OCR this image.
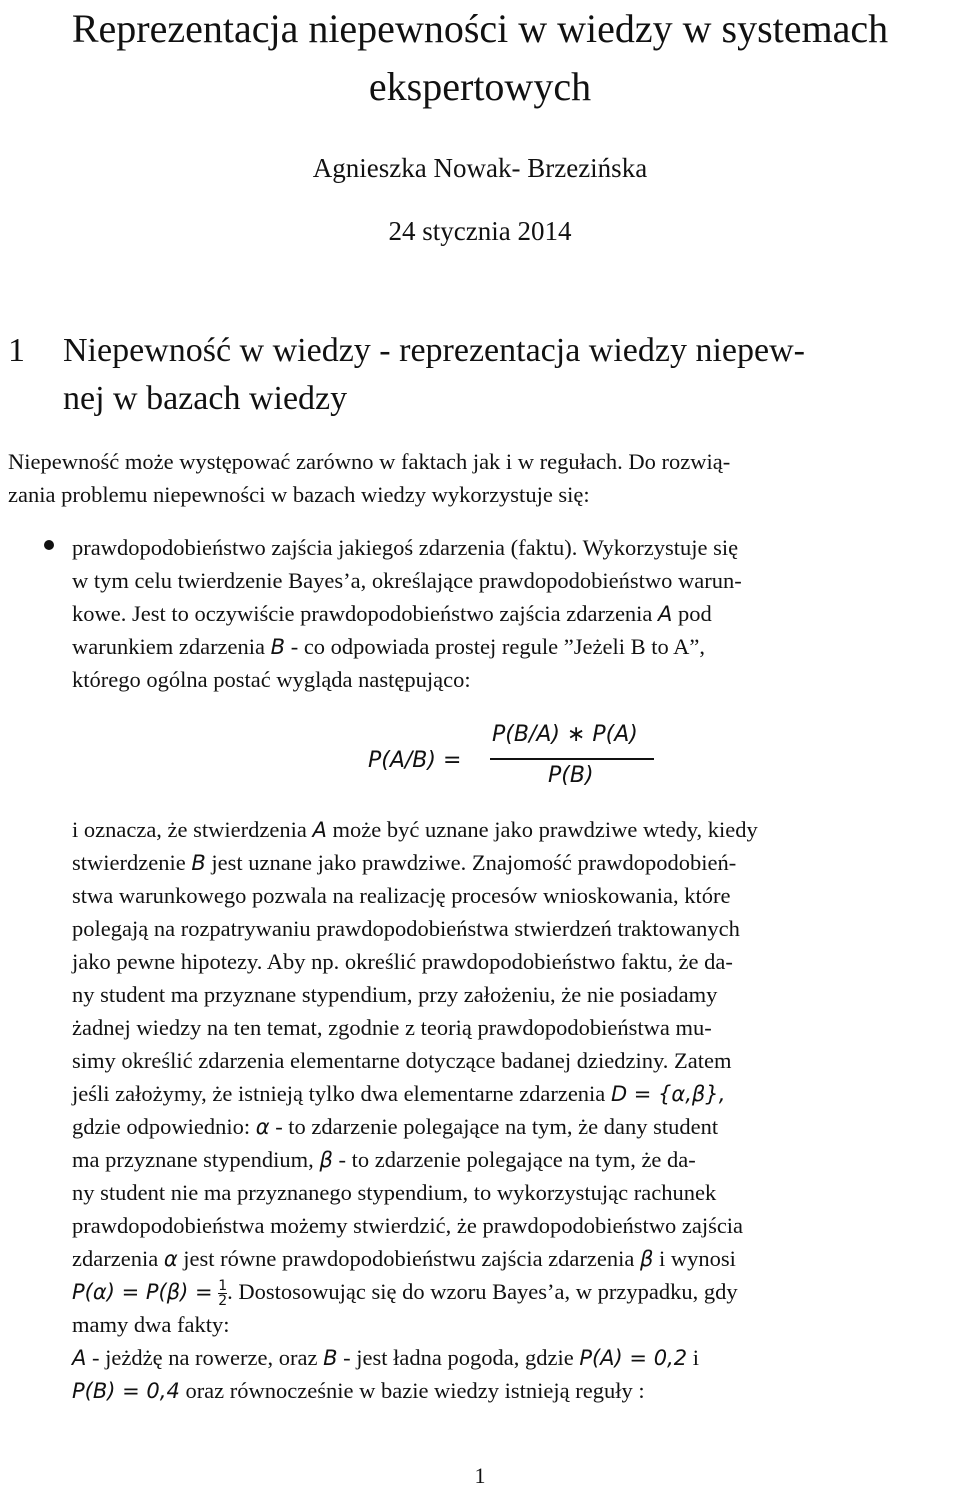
Reprezentacja niepewności w wiedzy w systemach
ekspertowych
Agnieszka Nowak- Brzezińska
24 stycznia 2014
1 Niepewność w wiedzy - reprezentacja wiedzy niepew-
nej w bazach wiedzy
Niepewność może występować zarówno w faktach jak i w regułach. Do rozwią-
zania problemu niepewności w bazach wiedzy wykorzystuje się:
prawdopodobieństwo zajścia jakiegoś zdarzenia (faktu). Wykorzystuje się
w tym celu twierdzenie Bayes’a, określające prawdopodobieństwo warun-
kowe. Jest to oczywiście prawdopodobieństwo zajścia zdarzenia A pod
warunkiem zdarzenia B - co odpowiada prostej regule ”Jeżeli B to A”,
którego ogólna postać wygląda następująco:
P(A/B) =
P(B/A) ∗ P(A)
P(B)
i oznacza, że stwierdzenia A może być uznane jako prawdziwe wtedy, kiedy
stwierdzenie B jest uznane jako prawdziwe. Znajomość prawdopodobień-
stwa warunkowego pozwala na realizację procesów wnioskowania, które
polegają na rozpatrywaniu prawdopodobieństwa stwierdzeń traktowanych
jako pewne hipotezy. Aby np. określić prawdopodobieństwo faktu, że da-
ny student ma przyznane stypendium, przy założeniu, że nie posiadamy
żadnej wiedzy na ten temat, zgodnie z teorią prawdopodobieństwa mu-
simy określić zdarzenia elementarne dotyczące badanej dziedziny. Zatem
jeśli założymy, że istnieją tylko dwa elementarne zdarzenia D = {α,β},
gdzie odpowiednio: α - to zdarzenie polegające na tym, że dany student
ma przyznane stypendium, β - to zdarzenie polegające na tym, że da-
ny student nie ma przyznanego stypendium, to wykorzystując rachunek
prawdopodobieństwa możemy stwierdzić, że prawdopodobieństwo zajścia
zdarzenia α jest równe prawdopodobieństwu zajścia zdarzenia β i wynosi
$P(\alpha) = P(\beta) = \frac{1}{2}$ . Dostosowując się do wzoru Bayes’a, w przypadku, gdy
mamy dwa fakty:
A - jeżdżę na rowerze, oraz B - jest ładna pogoda, gdzie P(A) = 0,2 i
P(B) = 0,4 oraz równocześnie w bazie wiedzy istnieją reguły :
1
